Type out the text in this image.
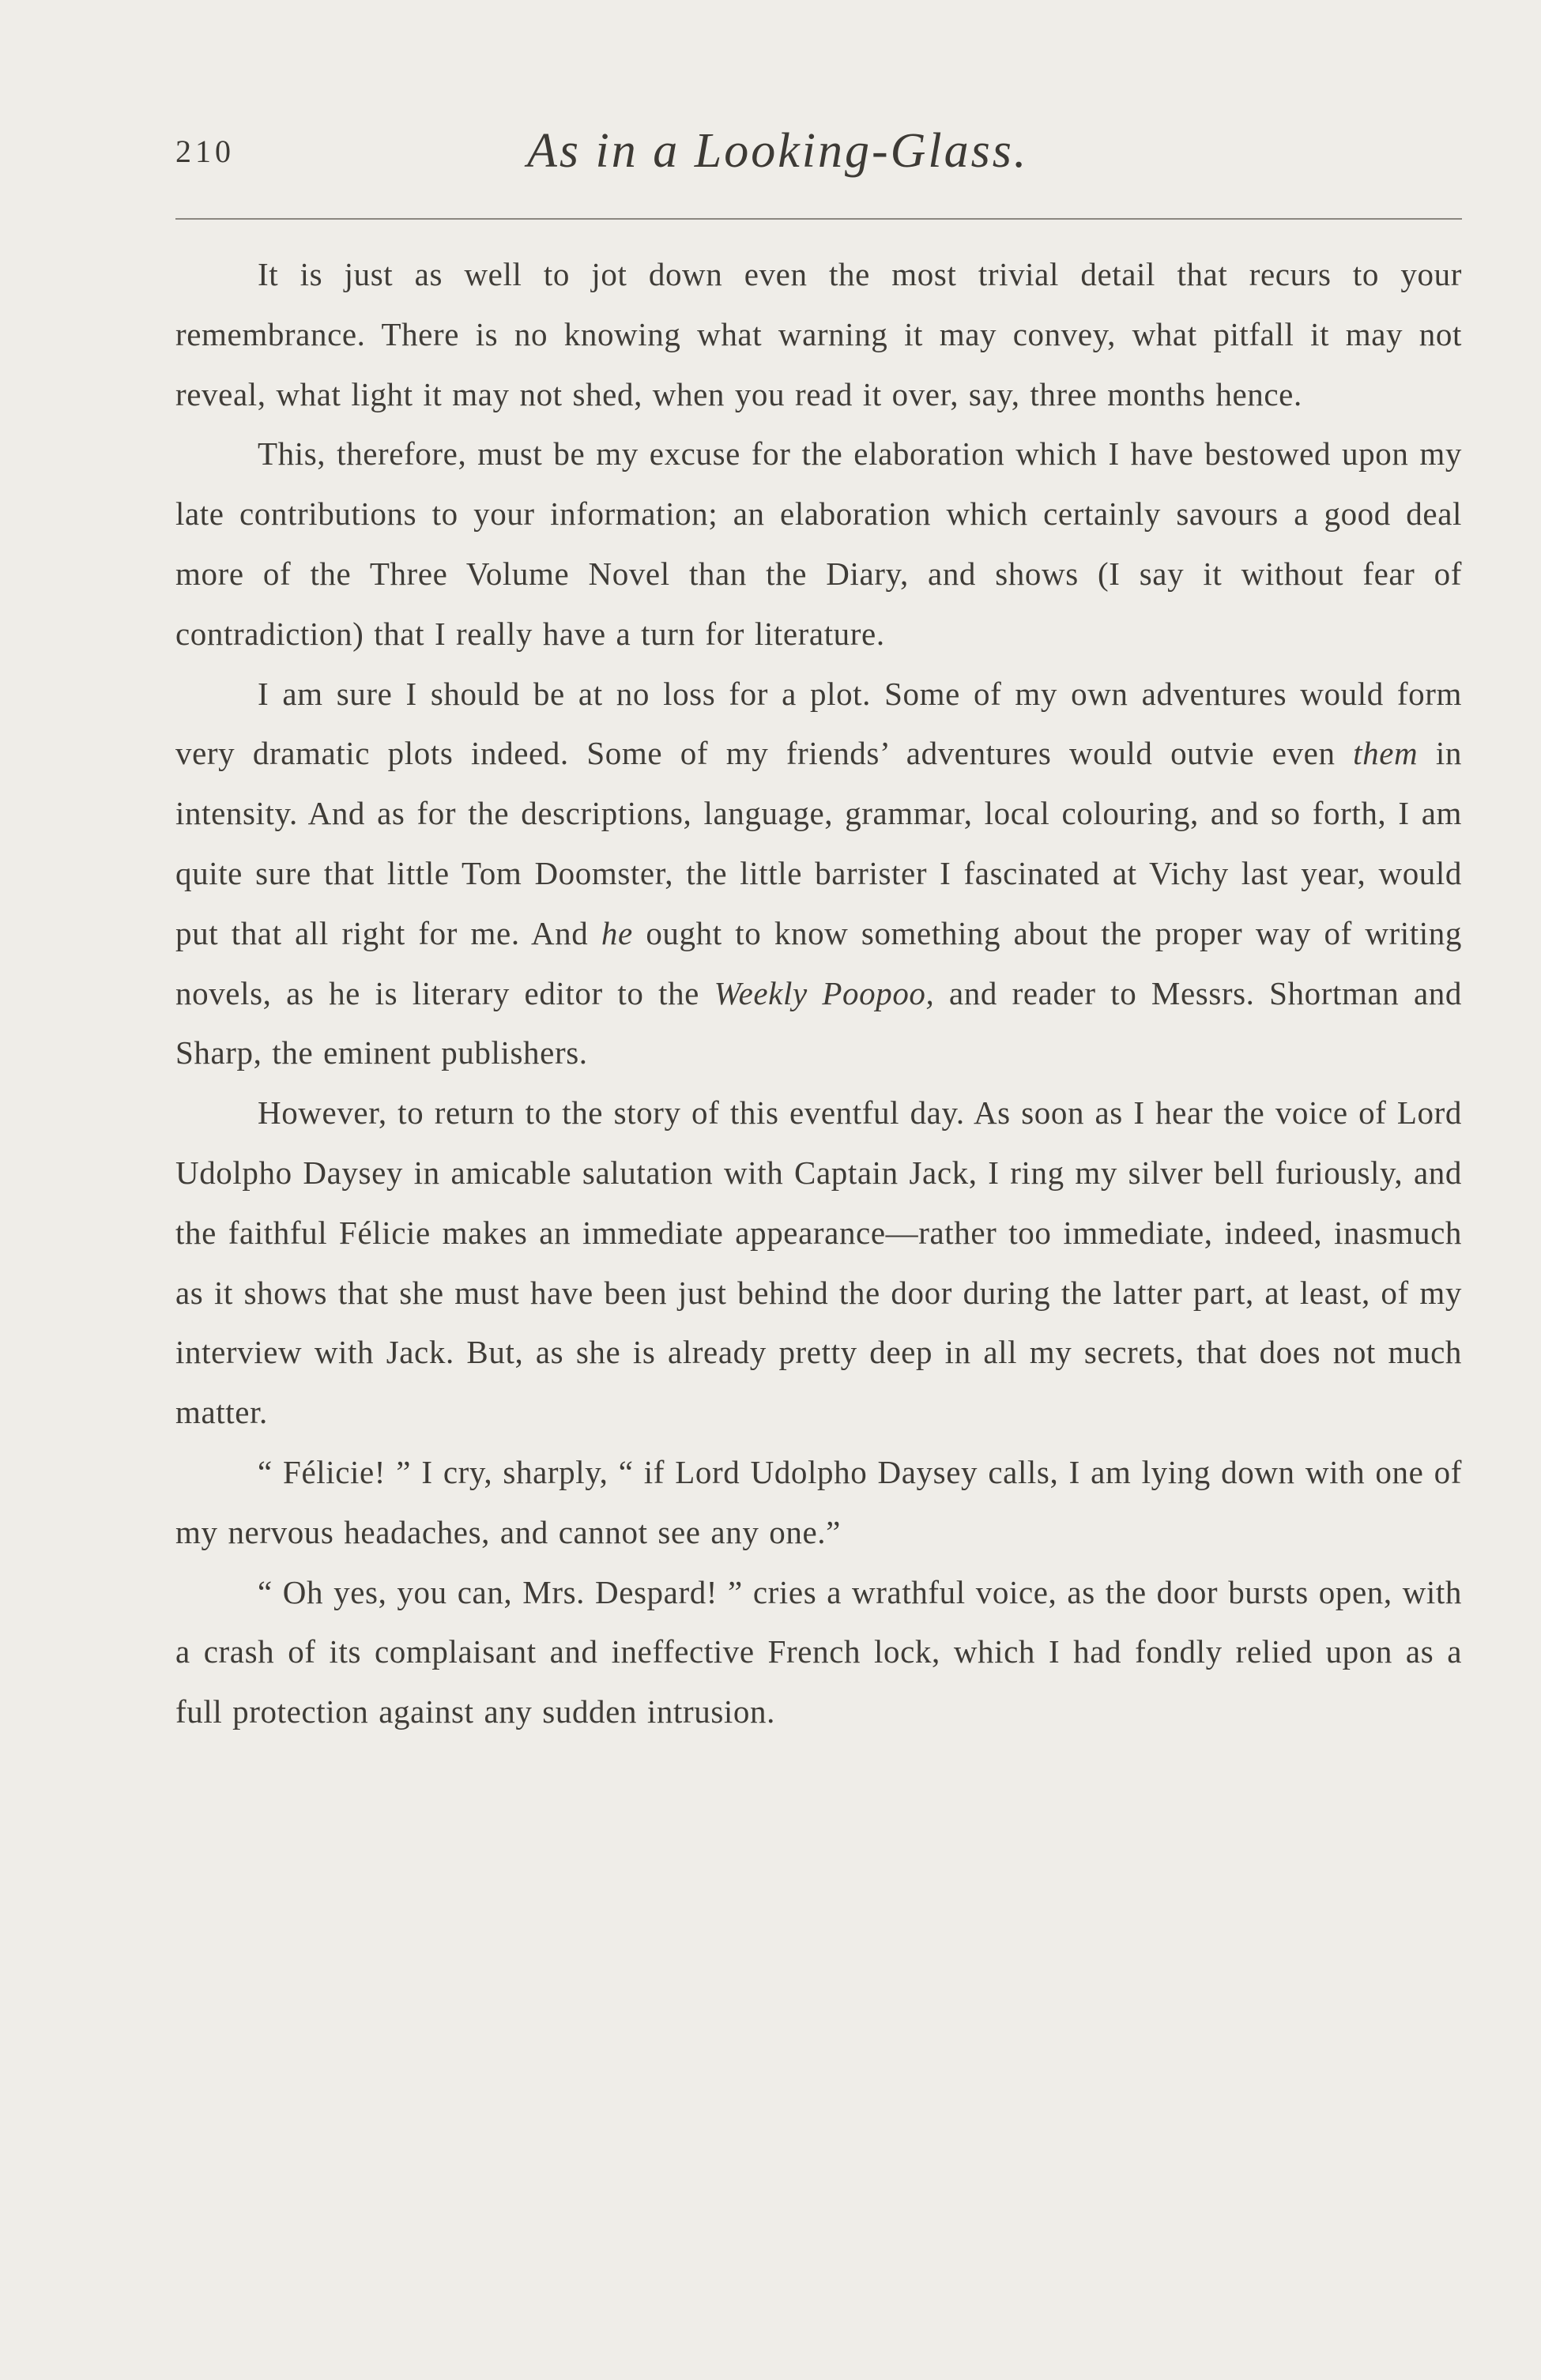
210	As in a Looking-Glass.

It is just as well to jot down even the most trivial detail that recurs to your remembrance. There is no knowing what warning it may convey, what pitfall it may not reveal, what light it may not shed, when you read it over, say, three months hence.

This, therefore, must be my excuse for the elaboration which I have bestowed upon my late contributions to your information; an elaboration which certainly savours a good deal more of the Three Volume Novel than the Diary, and shows (I say it without fear of contradiction) that I really have a turn for literature.

I am sure I should be at no loss for a plot. Some of my own adventures would form very dramatic plots indeed. Some of my friends’ adventures would outvie even them in intensity. And as for the descriptions, language, grammar, local colouring, and so forth, I am quite sure that little Tom Doomster, the little barrister I fascinated at Vichy last year, would put that all right for me. And he ought to know something about the proper way of writing novels, as he is literary editor to the Weekly Poopoo, and reader to Messrs. Shortman and Sharp, the eminent publishers.

However, to return to the story of this eventful day. As soon as I hear the voice of Lord Udolpho Daysey in amicable salutation with Captain Jack, I ring my silver bell furiously, and the faithful Félicie makes an immediate appearance—rather too immediate, indeed, inasmuch as it shows that she must have been just behind the door during the latter part, at least, of my interview with Jack. But, as she is already pretty deep in all my secrets, that does not much matter.

“ Félicie! ” I cry, sharply, “ if Lord Udolpho Daysey calls, I am lying down with one of my nervous headaches, and cannot see any one.”

“ Oh yes, you can, Mrs. Despard! ” cries a wrathful voice, as the door bursts open, with a crash of its complaisant and ineffective French lock, which I had fondly relied upon as a full protection against any sudden intrusion.
